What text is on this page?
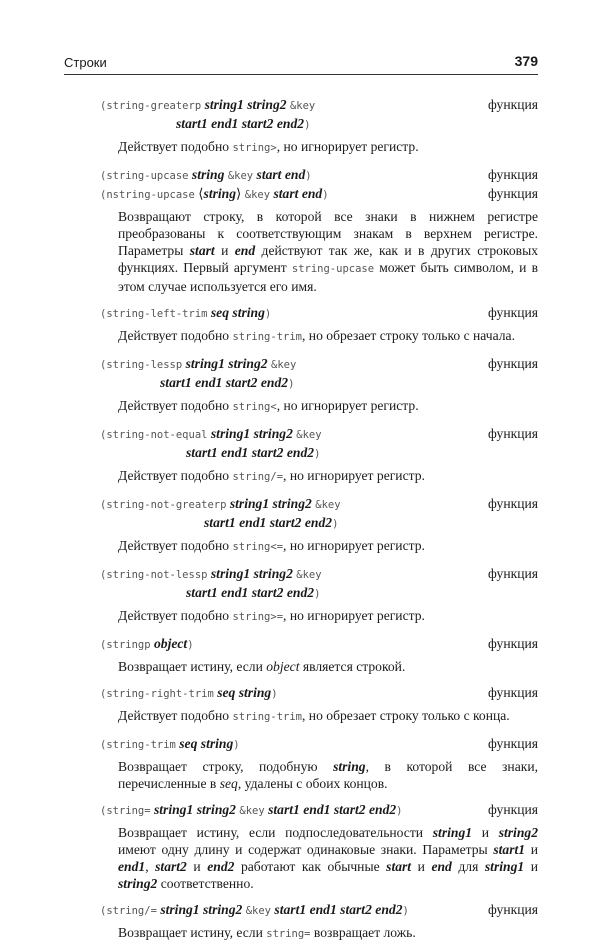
Строки	379
(string-greaterp string1 string2 &key	функция
start1 end1 start2 end2)
Действует подобно string>, но игнорирует регистр.
(string-upcase string &key start end)	функция
(nstring-upcase ⟨string⟩ &key start end)	функция
Возвращают строку, в которой все знаки в нижнем регистре преобразованы к соответствующим знакам в верхнем регистре. Параметры start и end действуют так же, как и в других строковых функциях. Первый аргумент string-upcase может быть символом, и в этом случае используется его имя.
(string-left-trim seq string)	функция
Действует подобно string-trim, но обрезает строку только с начала.
(string-lessp string1 string2 &key	функция
start1 end1 start2 end2)
Действует подобно string<, но игнорирует регистр.
(string-not-equal string1 string2 &key	функция
start1 end1 start2 end2)
Действует подобно string/=, но игнорирует регистр.
(string-not-greaterp string1 string2 &key	функция
start1 end1 start2 end2)
Действует подобно string<=, но игнорирует регистр.
(string-not-lessp string1 string2 &key	функция
start1 end1 start2 end2)
Действует подобно string>=, но игнорирует регистр.
(stringp object)	функция
Возвращает истину, если object является строкой.
(string-right-trim seq string)	функция
Действует подобно string-trim, но обрезает строку только с конца.
(string-trim seq string)	функция
Возвращает строку, подобную string, в которой все знаки, перечисленные в seq, удалены с обоих концов.
(string= string1 string2 &key start1 end1 start2 end2)	функция
Возвращает истину, если подпоследовательности string1 и string2 имеют одну длину и содержат одинаковые знаки. Параметры start1 и end1, start2 и end2 работают как обычные start и end для string1 и string2 соответственно.
(string/= string1 string2 &key start1 end1 start2 end2)	функция
Возвращает истину, если string= возвращает ложь.
